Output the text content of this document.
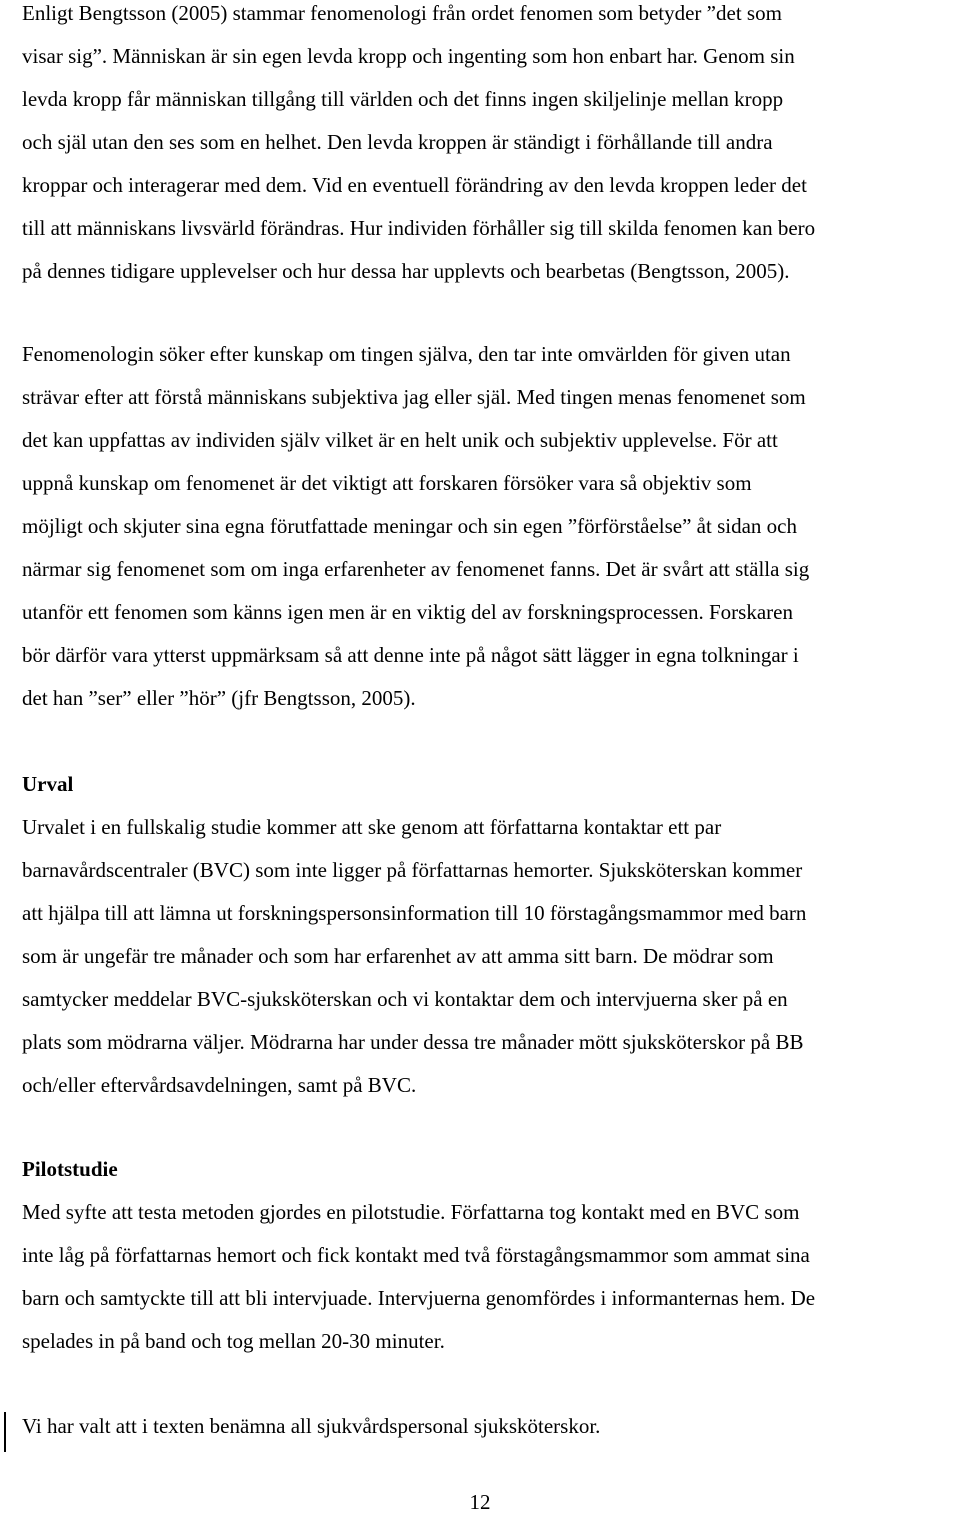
Enligt Bengtsson (2005) stammar fenomenologi från ordet fenomen som betyder ”det som
visar sig”. Människan är sin egen levda kropp och ingenting som hon enbart har. Genom sin
levda kropp får människan tillgång till världen och det finns ingen skiljelinje mellan kropp
och själ utan den ses som en helhet. Den levda kroppen är ständigt i förhållande till andra
kroppar och interagerar med dem. Vid en eventuell förändring av den levda kroppen leder det
till att människans livsvärld förändras. Hur individen förhåller sig till skilda fenomen kan bero
på dennes tidigare upplevelser och hur dessa har upplevts och bearbetas (Bengtsson, 2005).

Fenomenologin söker efter kunskap om tingen själva, den tar inte omvärlden för given utan
strävar efter att förstå människans subjektiva jag eller själ. Med tingen menas fenomenet som
det kan uppfattas av individen själv vilket är en helt unik och subjektiv upplevelse. För att
uppnå kunskap om fenomenet är det viktigt att forskaren försöker vara så objektiv som
möjligt och skjuter sina egna förutfattade meningar och sin egen ”förförståelse” åt sidan och
närmar sig fenomenet som om inga erfarenheter av fenomenet fanns. Det är svårt att ställa sig
utanför ett fenomen som känns igen men är en viktig del av forskningsprocessen. Forskaren
bör därför vara ytterst uppmärksam så att denne inte på något sätt lägger in egna tolkningar i
det han ”ser” eller ”hör” (jfr Bengtsson, 2005).

Urval

Urvalet i en fullskalig studie kommer att ske genom att författarna kontaktar ett par
barnavårdscentraler (BVC) som inte ligger på författarnas hemorter. Sjuksköterskan kommer
att hjälpa till att lämna ut forskningspersonsinformation till 10 förstagångsmammor med barn
som är ungefär tre månader och som har erfarenhet av att amma sitt barn. De mödrar som
samtycker meddelar BVC-sjuksköterskan och vi kontaktar dem och intervjuerna sker på en
plats som mödrarna väljer. Mödrarna har under dessa tre månader mött sjuksköterskor på BB
och/eller eftervårdsavdelningen, samt på BVC.

Pilotstudie

Med syfte att testa metoden gjordes en pilotstudie. Författarna tog kontakt med en BVC som
inte låg på författarnas hemort och fick kontakt med två förstagångsmammor som ammat sina
barn och samtyckte till att bli intervjuade. Intervjuerna genomfördes i informanternas hem. De
spelades in på band och tog mellan 20-30 minuter.

Vi har valt att i texten benämna all sjukvårdspersonal sjuksköterskor.

12
